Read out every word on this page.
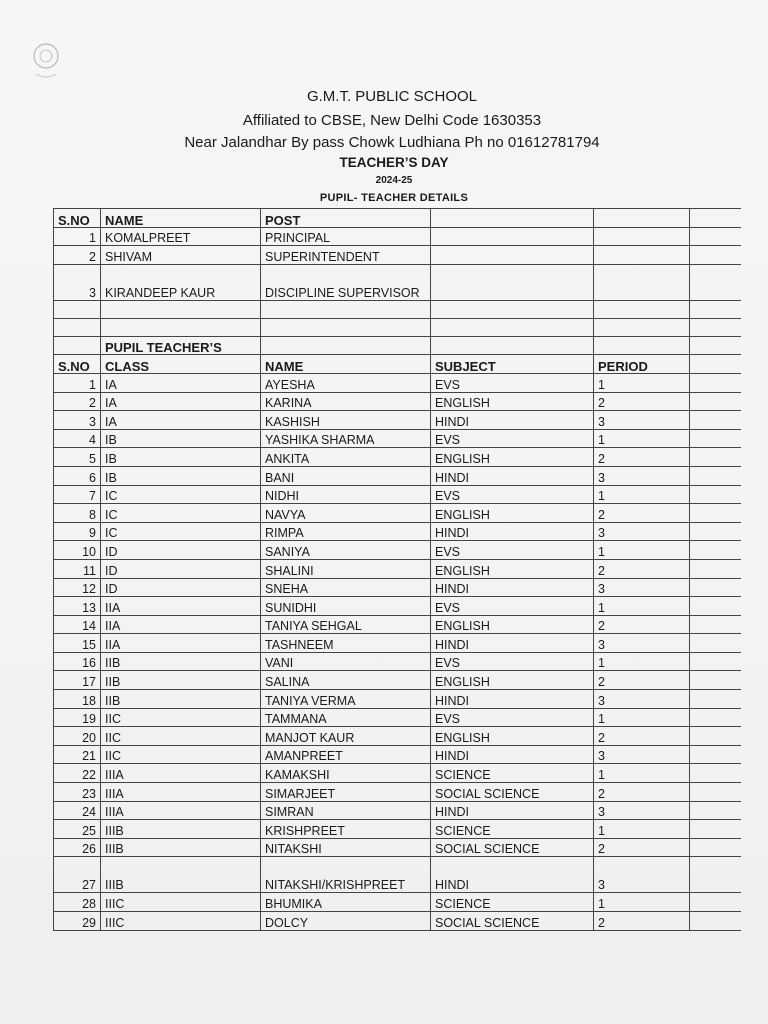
G.M.T. PUBLIC SCHOOL
Affiliated to CBSE, New Delhi Code 1630353
Near Jalandhar By pass Chowk Ludhiana Ph no 01612781794
TEACHER’S DAY
2024-25
PUPIL- TEACHER DETAILS
S.NO	NAME	POST			
1	KOMALPREET	PRINCIPAL			
2	SHIVAM	SUPERINTENDENT			
3	KIRANDEEP KAUR	DISCIPLINE SUPERVISOR			

	PUPIL TEACHER’S				
S.NO	CLASS	NAME	SUBJECT	PERIOD	
1	IA	AYESHA	EVS	1	
2	IA	KARINA	ENGLISH	2	
3	IA	KASHISH	HINDI	3	
4	IB	YASHIKA SHARMA	EVS	1	
5	IB	ANKITA	ENGLISH	2	
6	IB	BANI	HINDI	3	
7	IC	NIDHI	EVS	1	
8	IC	NAVYA	ENGLISH	2	
9	IC	RIMPA	HINDI	3	
10	ID	SANIYA	EVS	1	
11	ID	SHALINI	ENGLISH	2	
12	ID	SNEHA	HINDI	3	
13	IIA	SUNIDHI	EVS	1	
14	IIA	TANIYA SEHGAL	ENGLISH	2	
15	IIA	TASHNEEM	HINDI	3	
16	IIB	VANI	EVS	1	
17	IIB	SALINA	ENGLISH	2	
18	IIB	TANIYA VERMA	HINDI	3	
19	IIC	TAMMANA	EVS	1	
20	IIC	MANJOT KAUR	ENGLISH	2	
21	IIC	AMANPREET	HINDI	3	
22	IIIA	KAMAKSHI	SCIENCE	1	
23	IIIA	SIMARJEET	SOCIAL SCIENCE	2	
24	IIIA	SIMRAN	HINDI	3	
25	IIIB	KRISHPREET	SCIENCE	1	
26	IIIB	NITAKSHI	SOCIAL SCIENCE	2	
27	IIIB	NITAKSHI/KRISHPREET	HINDI	3	
28	IIIC	BHUMIKA	SCIENCE	1	
29	IIIC	DOLCY	SOCIAL SCIENCE	2	
